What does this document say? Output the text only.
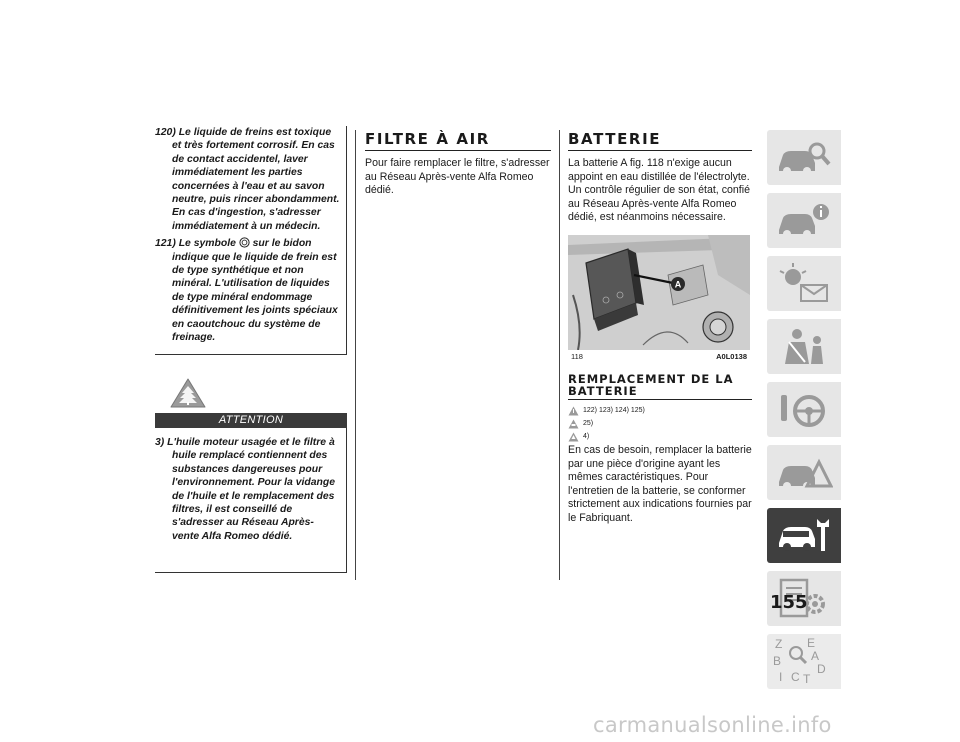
120) Le liquide de freins est toxique
et très fortement corrosif. En cas de contact accidentel, laver immédiatement les parties concernées à l'eau et au savon neutre, puis rincer abondamment. En cas d'ingestion, s'adresser immédiatement à un médecin.

121) Le symbole sur le bidon
indique que le liquide de frein est de type synthétique et non minéral. L'utilisation de liquides de type minéral endommage définitivement les joints spéciaux en caoutchouc du système de freinage.

ATTENTION

3) L'huile moteur usagée et le filtre à
huile remplacé contiennent des substances dangereuses pour l'environnement. Pour la vidange de l'huile et le remplacement des filtres, il est conseillé de s'adresser au Réseau Après-vente Alfa Romeo dédié.

FILTRE À AIR

Pour faire remplacer le filtre, s'adresser au Réseau Après-vente Alfa Romeo dédié.

BATTERIE

La batterie A fig. 118 n'exige aucun appoint en eau distillée de l'électrolyte. Un contrôle régulier de son état, confié au Réseau Après-vente Alfa Romeo dédié, est néanmoins nécessaire.

A
118	A0L0138
REMPLACEMENT DE LA
BATTERIE
122) 123) 124) 125)
25)
4)

En cas de besoin, remplacer la batterie par une pièce d'origine ayant les mêmes caractéristiques. Pour l'entretien de la batterie, se conformer strictement aux indications fournies par le Fabriquant.

Z E
A
B
D
I C T
155
carmanualsonline.info
